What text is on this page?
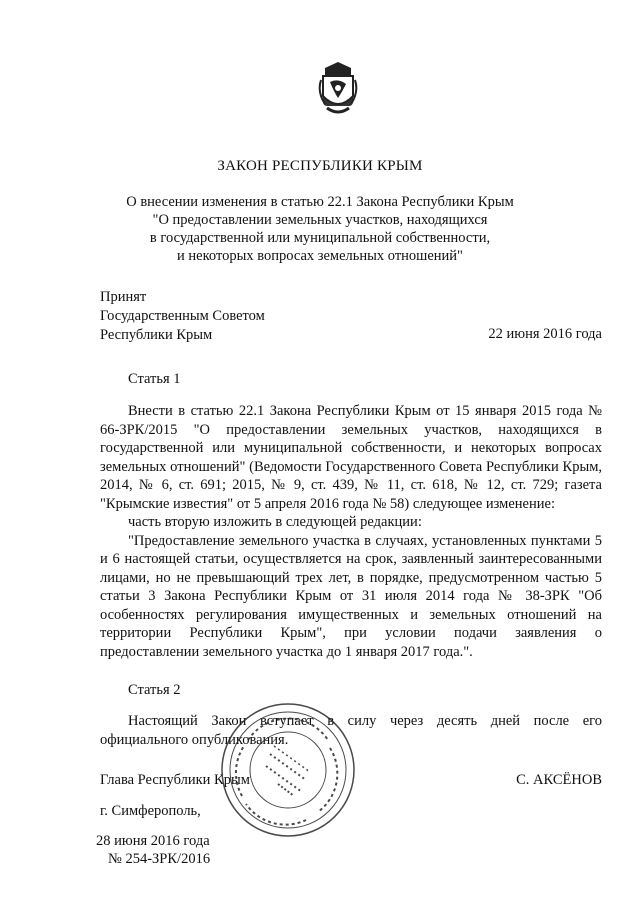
ЗАКОН РЕСПУБЛИКИ КРЫМ
О внесении изменения в статью 22.1 Закона Республики Крым
"О предоставлении земельных участков, находящихся
в государственной или муниципальной собственности,
и некоторых вопросах земельных отношений"
Принят
Государственным Советом
Республики Крым	22 июня 2016 года
Статья 1

Внести в статью 22.1 Закона Республики Крым от 15 января 2015 года № 66-ЗРК/2015 "О предоставлении земельных участков, находящихся в государственной или муниципальной собственности, и некоторых вопросах земельных отношений" (Ведомости Государственного Совета Республики Крым, 2014, № 6, ст. 691; 2015, № 9, ст. 439, № 11, ст. 618, № 12, ст. 729; газета "Крымские известия" от 5 апреля 2016 года № 58) следующее изменение:

часть вторую изложить в следующей редакции:

"Предоставление земельного участка в случаях, установленных пунктами 5 и 6 настоящей статьи, осуществляется на срок, заявленный заинтересованными лицами, но не превышающий трех лет, в порядке, предусмотренном частью 5 статьи 3 Закона Республики Крым от 31 июля 2014 года № 38-ЗРК "Об особенностях регулирования имущественных и земельных отношений на территории Республики Крым", при условии подачи заявления о предоставлении земельного участка до 1 января 2017 года.".

Статья 2

Настоящий Закон вступает в силу через десять дней после его официального опубликования.

Глава Республики Крым	С. АКСЁНОВ
г. Симферополь,
28 июня 2016 года
№ 254-ЗРК/2016
